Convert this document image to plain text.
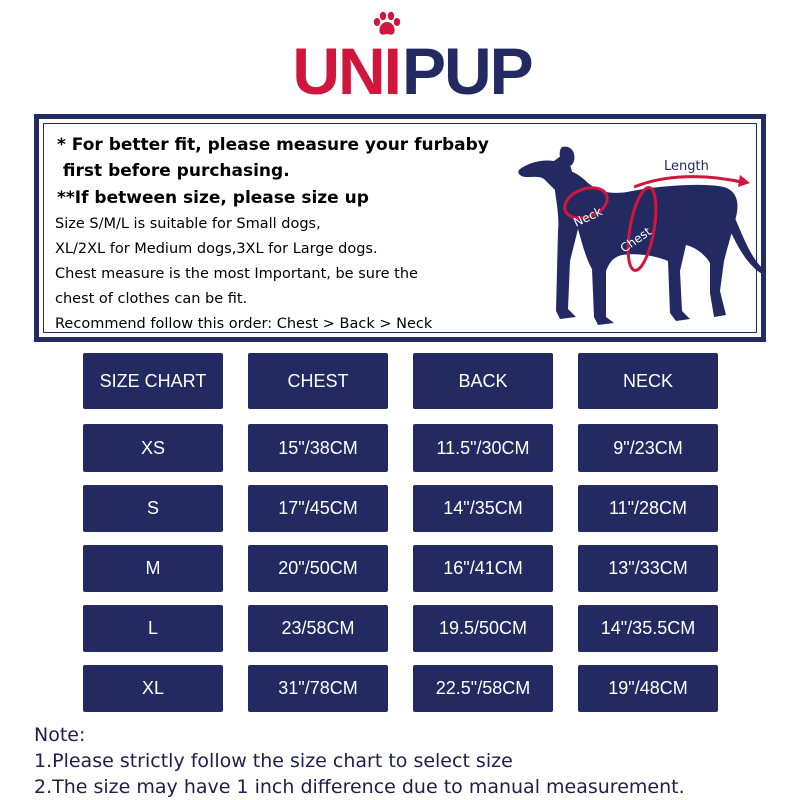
UNI PUP
* For better fit, please measure your furbaby
first before purchasing.
**If between size, please size up
Size S/M/L is suitable for Small dogs,
XL/2XL for Medium dogs,3XL for Large dogs.
Chest measure is the most Important, be sure the
chest of clothes can be fit.
Recommend follow this order: Chest > Back > Neck
Length
Neck
Chest
SIZE CHART	CHEST	BACK	NECK
XS	15"/38CM	11.5"/30CM	9"/23CM
S	17"/45CM	14"/35CM	11"/28CM
M	20"/50CM	16"/41CM	13"/33CM
L	23/58CM	19.5/50CM	14"/35.5CM
XL	31"/78CM	22.5"/58CM	19"/48CM
Note:
1.Please strictly follow the size chart to select size
2.The size may have 1 inch difference due to manual measurement.
